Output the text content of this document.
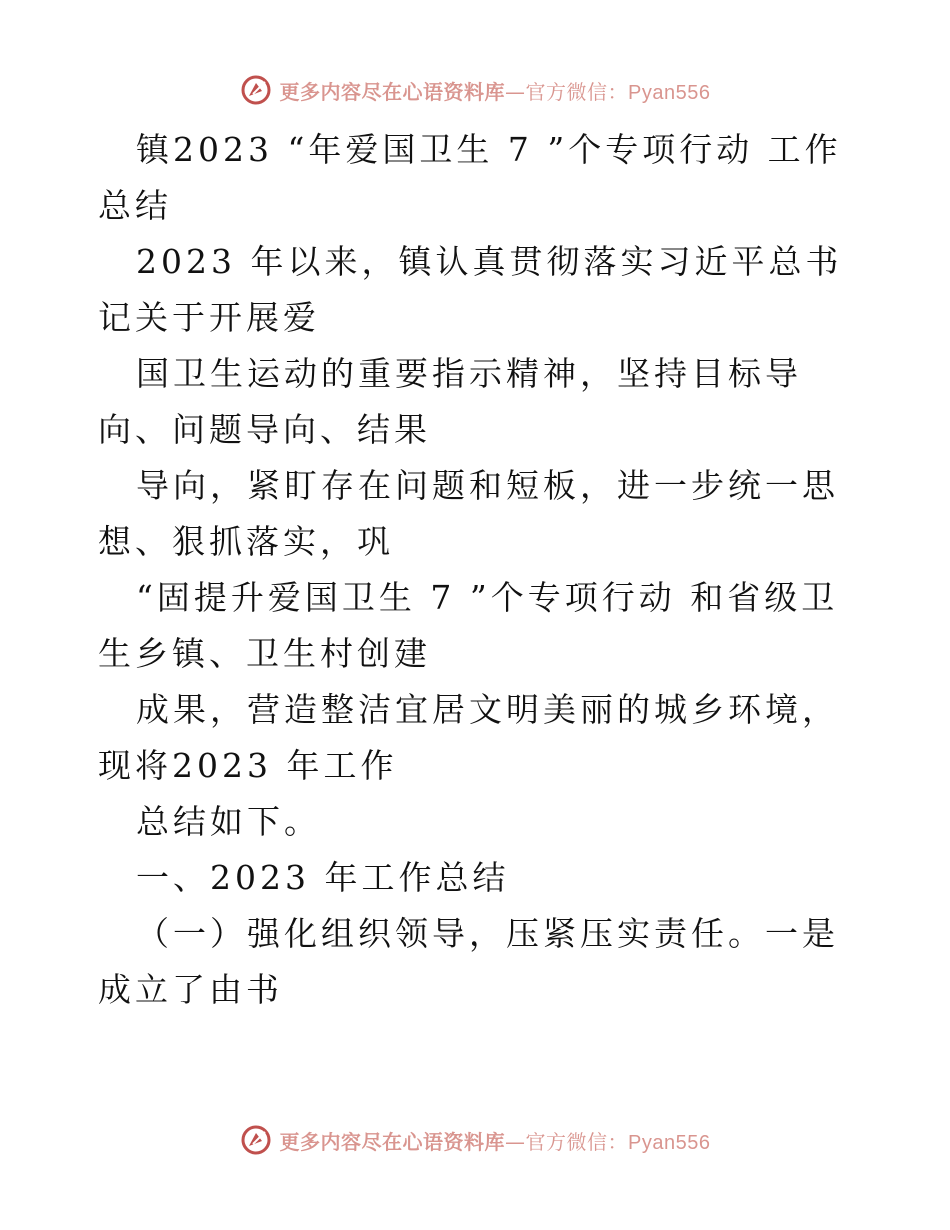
更多内容尽在心语资料库—官方微信：Pyan556

镇2023 “年爱国卫生 7 ”个专项行动 工作总结

2023 年以来，镇认真贯彻落实习近平总书记关于开展爱

国卫生运动的重要指示精神，坚持目标导向、问题导向、结果

导向，紧盯存在问题和短板，进一步统一思想、狠抓落实，巩

“固提升爱国卫生 7 ”个专项行动 和省级卫生乡镇、卫生村创建

成果，营造整洁宜居文明美丽的城乡环境，现将2023 年工作

总结如下。

一、2023 年工作总结

（一）强化组织领导，压紧压实责任。一是成立了由书

更多内容尽在心语资料库—官方微信：Pyan556
